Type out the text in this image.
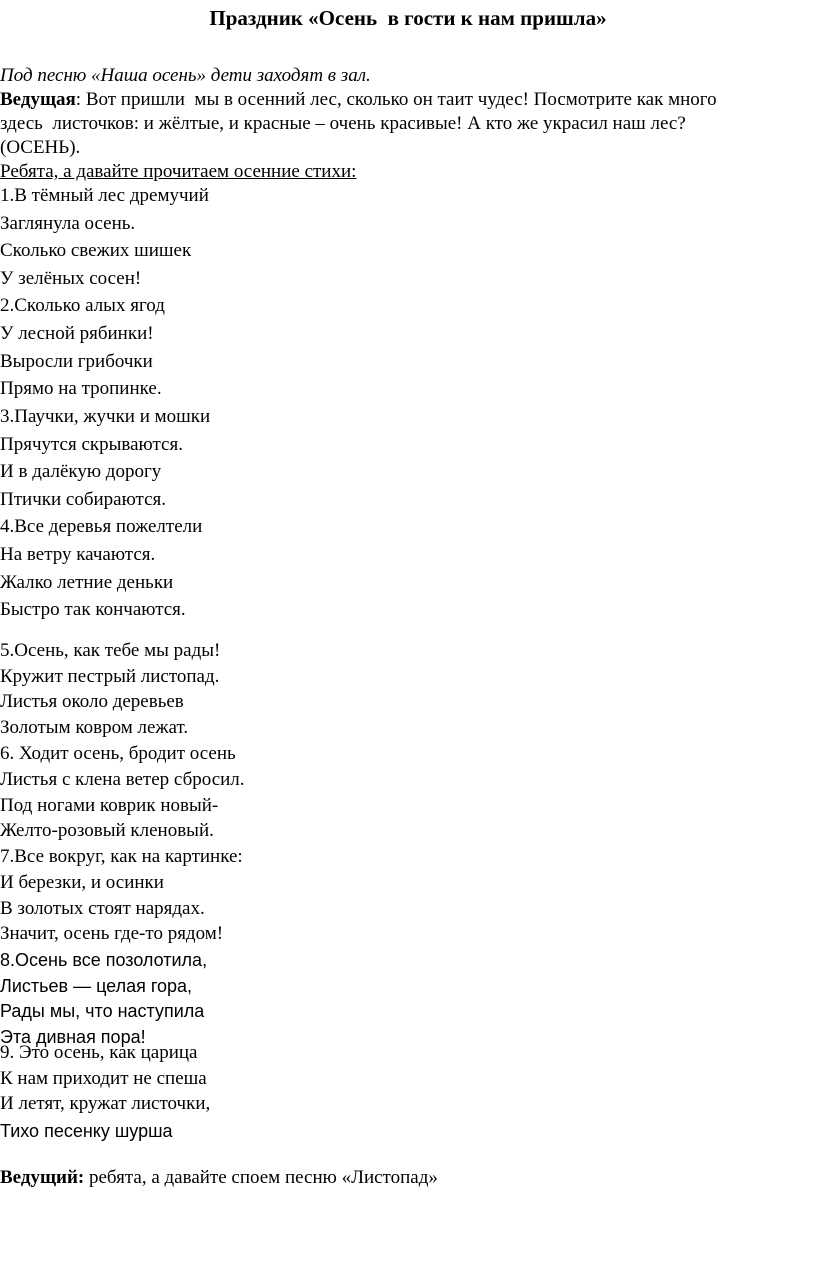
Праздник «Осень  в гости к нам пришла»
Под песню «Наша осень» дети заходят в зал.
Ведущая: Вот пришли  мы в осенний лес, сколько он таит чудес! Посмотрите как много
здесь  листочков: и жёлтые, и красные – очень красивые! А кто же украсил наш лес?
(ОСЕНЬ).
Ребята, а давайте прочитаем осенние стихи:
1.В тёмный лес дремучий
Заглянула осень.
Сколько свежих шишек
У зелёных сосен!
2.Сколько алых ягод
У лесной рябинки!
Выросли грибочки
Прямо на тропинке.
3.Паучки, жучки и мошки
Прячутся скрываются.
И в далёкую дорогу
Птички собираются.
4.Все деревья пожелтели
На ветру качаются.
Жалко летние деньки
Быстро так кончаются.
5.Осень, как тебе мы рады!
Кружит пестрый листопад.
Листья около деревьев
Золотым ковром лежат.
6. Ходит осень, бродит осень
Листья с клена ветер сбросил.
Под ногами коврик новый-
Желто-розовый кленовый.
7.Все вокруг, как на картинке:
И березки, и осинки
В золотых стоят нарядах.
Значит, осень где-то рядом!
8.Осень все позолотила,
Листьев — целая гора,
Рады мы, что наступила
Эта дивная пора!
9. Это осень, как царица
К нам приходит не спеша
И летят, кружат листочки,
Тихо песенку шурша
Ведущий: ребята, а давайте споем песню «Листопад»
